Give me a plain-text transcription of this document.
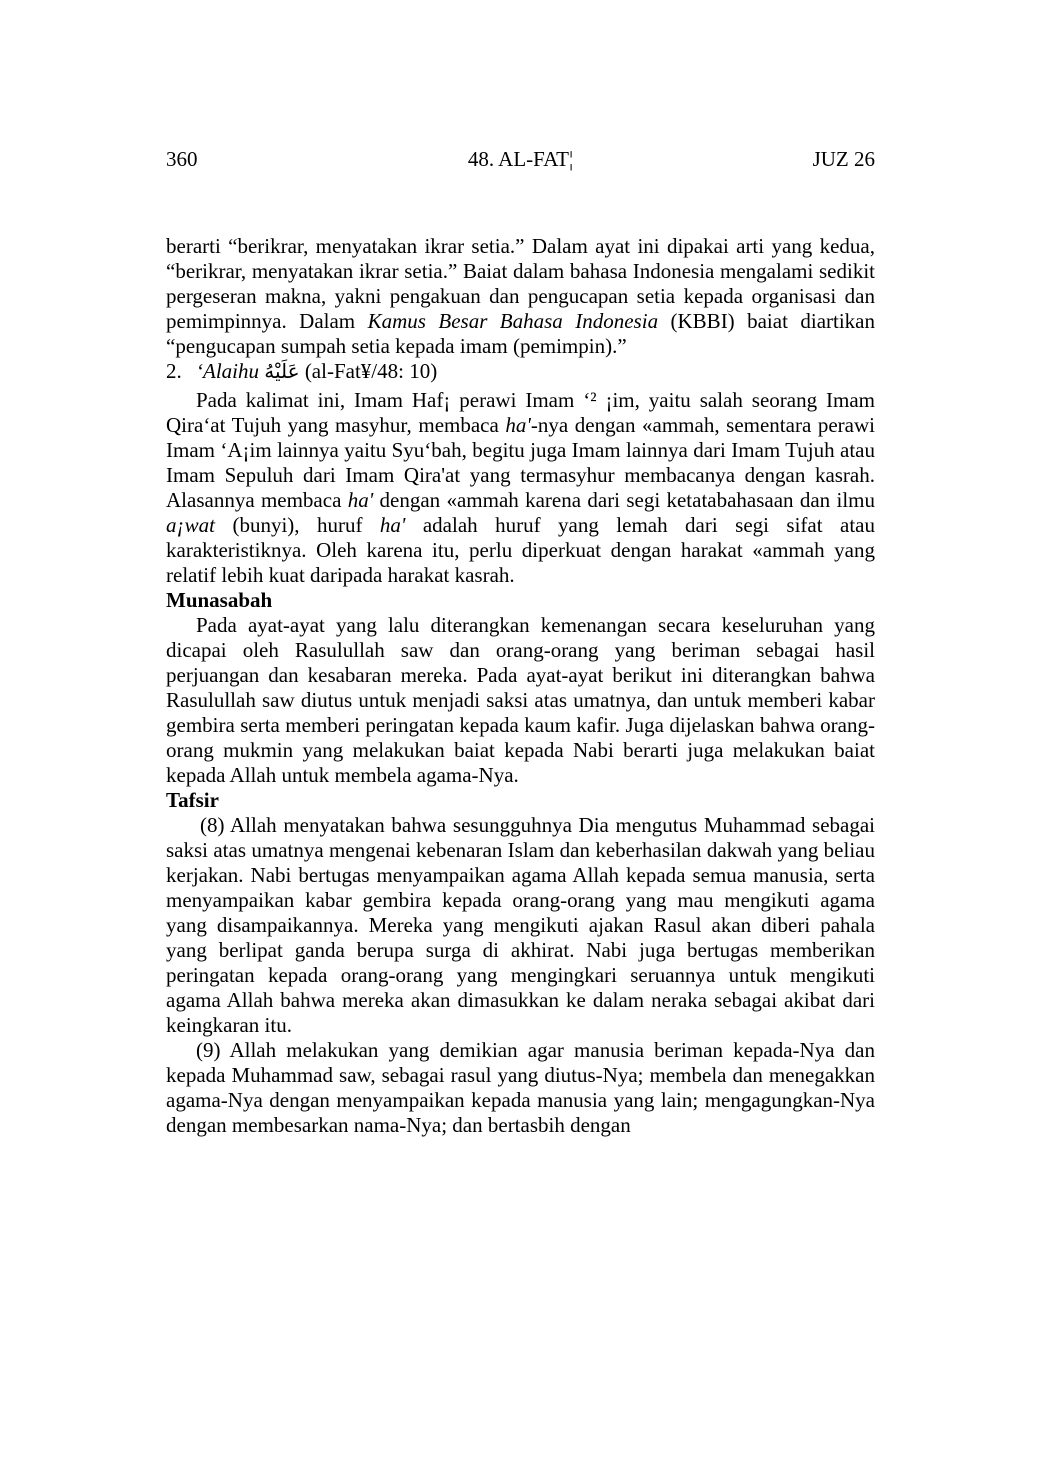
360	48. AL-FAT¦	JUZ 26

berarti “berikrar, menyatakan ikrar setia.” Dalam ayat ini dipakai arti yang kedua, “berikrar, menyatakan ikrar setia.” Baiat dalam bahasa Indonesia mengalami sedikit pergeseran makna, yakni pengakuan dan pengucapan setia kepada organisasi dan pemimpinnya. Dalam Kamus Besar Bahasa Indonesia (KBBI) baiat diartikan “pengucapan sumpah setia kepada imam (pemimpin).”

2. ‘Alaihu عَلَيْهُ (al-Fat¥/48: 10)

Pada kalimat ini, Imam Haf¡ perawi Imam ‘² ¡im, yaitu salah seorang Imam Qira‘at Tujuh yang masyhur, membaca ha'-nya dengan «ammah, sementara perawi Imam ‘A¡im lainnya yaitu Syu‘bah, begitu juga Imam lainnya dari Imam Tujuh atau Imam Sepuluh dari Imam Qira'at yang termasyhur membacanya dengan kasrah. Alasannya membaca ha' dengan «ammah karena dari segi ketatabahasaan dan ilmu a¡wat (bunyi), huruf ha' adalah huruf yang lemah dari segi sifat atau karakteristiknya. Oleh karena itu, perlu diperkuat dengan harakat «ammah yang relatif lebih kuat daripada harakat kasrah.

Munasabah

Pada ayat-ayat yang lalu diterangkan kemenangan secara keseluruhan yang dicapai oleh Rasulullah saw dan orang-orang yang beriman sebagai hasil perjuangan dan kesabaran mereka. Pada ayat-ayat berikut ini diterangkan bahwa Rasulullah saw diutus untuk menjadi saksi atas umatnya, dan untuk memberi kabar gembira serta memberi peringatan kepada kaum kafir. Juga dijelaskan bahwa orang-orang mukmin yang melakukan baiat kepada Nabi berarti juga melakukan baiat kepada Allah untuk membela agama-Nya.

Tafsir

(8) Allah menyatakan bahwa sesungguhnya Dia mengutus Muhammad sebagai saksi atas umatnya mengenai kebenaran Islam dan keberhasilan dakwah yang beliau kerjakan. Nabi bertugas menyampaikan agama Allah kepada semua manusia, serta menyampaikan kabar gembira kepada orang-orang yang mau mengikuti agama yang disampaikannya. Mereka yang mengikuti ajakan Rasul akan diberi pahala yang berlipat ganda berupa surga di akhirat. Nabi juga bertugas memberikan peringatan kepada orang-orang yang mengingkari seruannya untuk mengikuti agama Allah bahwa mereka akan dimasukkan ke dalam neraka sebagai akibat dari keingkaran itu.

(9) Allah melakukan yang demikian agar manusia beriman kepada-Nya dan kepada Muhammad saw, sebagai rasul yang diutus-Nya; membela dan menegakkan agama-Nya dengan menyampaikan kepada manusia yang lain; mengagungkan-Nya dengan membesarkan nama-Nya; dan bertasbih dengan
